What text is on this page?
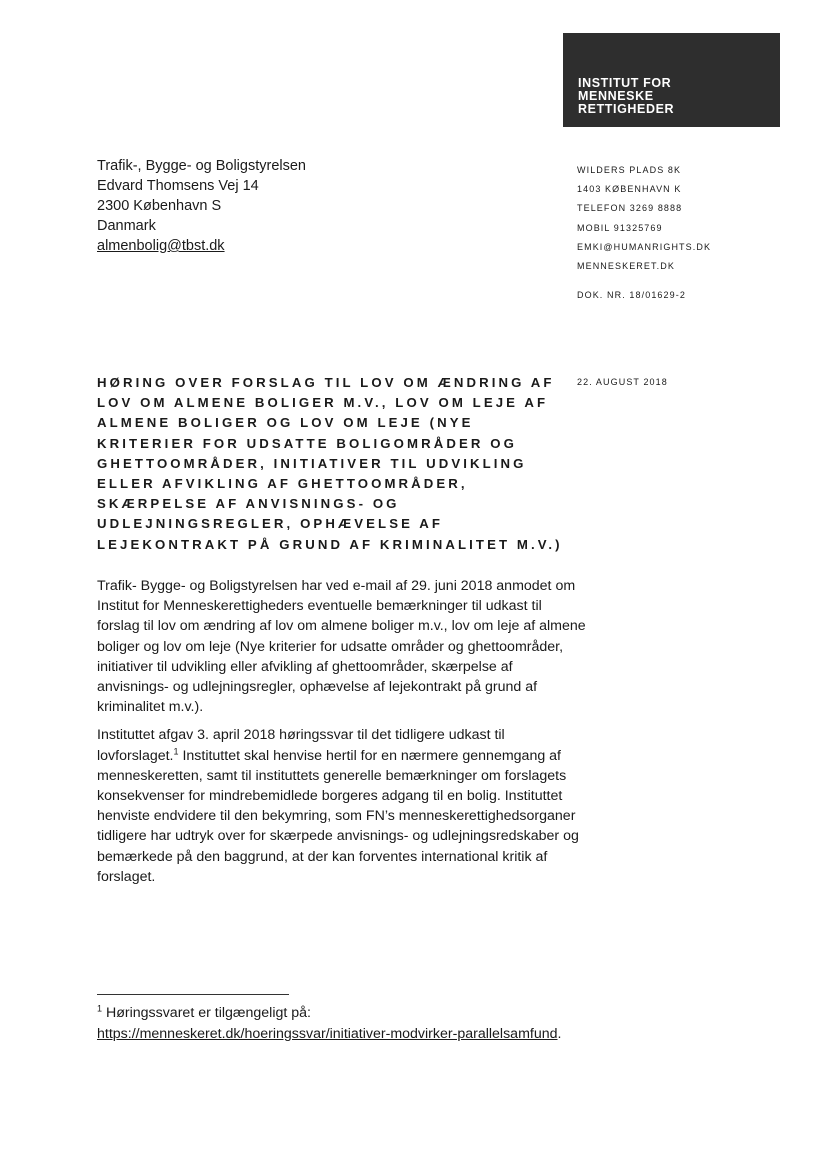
INSTITUT FOR
MENNESKE
RETTIGHEDER
Trafik-, Bygge- og Boligstyrelsen
Edvard Thomsens Vej 14
2300 København S
Danmark
almenbolig@tbst.dk
WILDERS PLADS 8K
1403 KØBENHAVN K
TELEFON 3269 8888
MOBIL 91325769
EMKI@HUMANRIGHTS.DK
MENNESKERET.DK
DOK. NR. 18/01629-2
22. AUGUST 2018
HØRING OVER FORSLAG TIL LOV OM ÆNDRING AF LOV OM ALMENE BOLIGER M.V., LOV OM LEJE AF ALMENE BOLIGER OG LOV OM LEJE (NYE KRITERIER FOR UDSATTE BOLIGOMRÅDER OG GHETTOOMRÅDER, INITIATIVER TIL UDVIKLING ELLER AFVIKLING AF GHETTOOMRÅDER, SKÆRPELSE AF ANVISNINGS- OG UDLEJNINGSREGLER, OPHÆVELSE AF LEJEKONTRAKT PÅ GRUND AF KRIMINALITET M.V.)

Trafik- Bygge- og Boligstyrelsen har ved e-mail af 29. juni 2018 anmodet om Institut for Menneskerettigheders eventuelle bemærkninger til udkast til forslag til lov om ændring af lov om almene boliger m.v., lov om leje af almene boliger og lov om leje (Nye kriterier for udsatte områder og ghettoområder, initiativer til udvikling eller afvikling af ghettoområder, skærpelse af anvisnings- og udlejningsregler, ophævelse af lejekontrakt på grund af kriminalitet m.v.).

Instituttet afgav 3. april 2018 høringssvar til det tidligere udkast til lovforslaget.$^1$ Instituttet skal henvise hertil for en nærmere gennemgang af menneskeretten, samt til instituttets generelle bemærkninger om forslagets konsekvenser for mindrebemidlede borgeres adgang til en bolig. Instituttet henviste endvidere til den bekymring, som FN’s menneskerettighedsorganer tidligere har udtryk over for skærpede anvisnings- og udlejningsredskaber og bemærkede på den baggrund, at der kan forventes international kritik af forslaget.

$^1$ Høringssvaret er tilgængeligt på:
https://menneskeret.dk/hoeringssvar/initiativer-modvirker-parallelsamfund.
